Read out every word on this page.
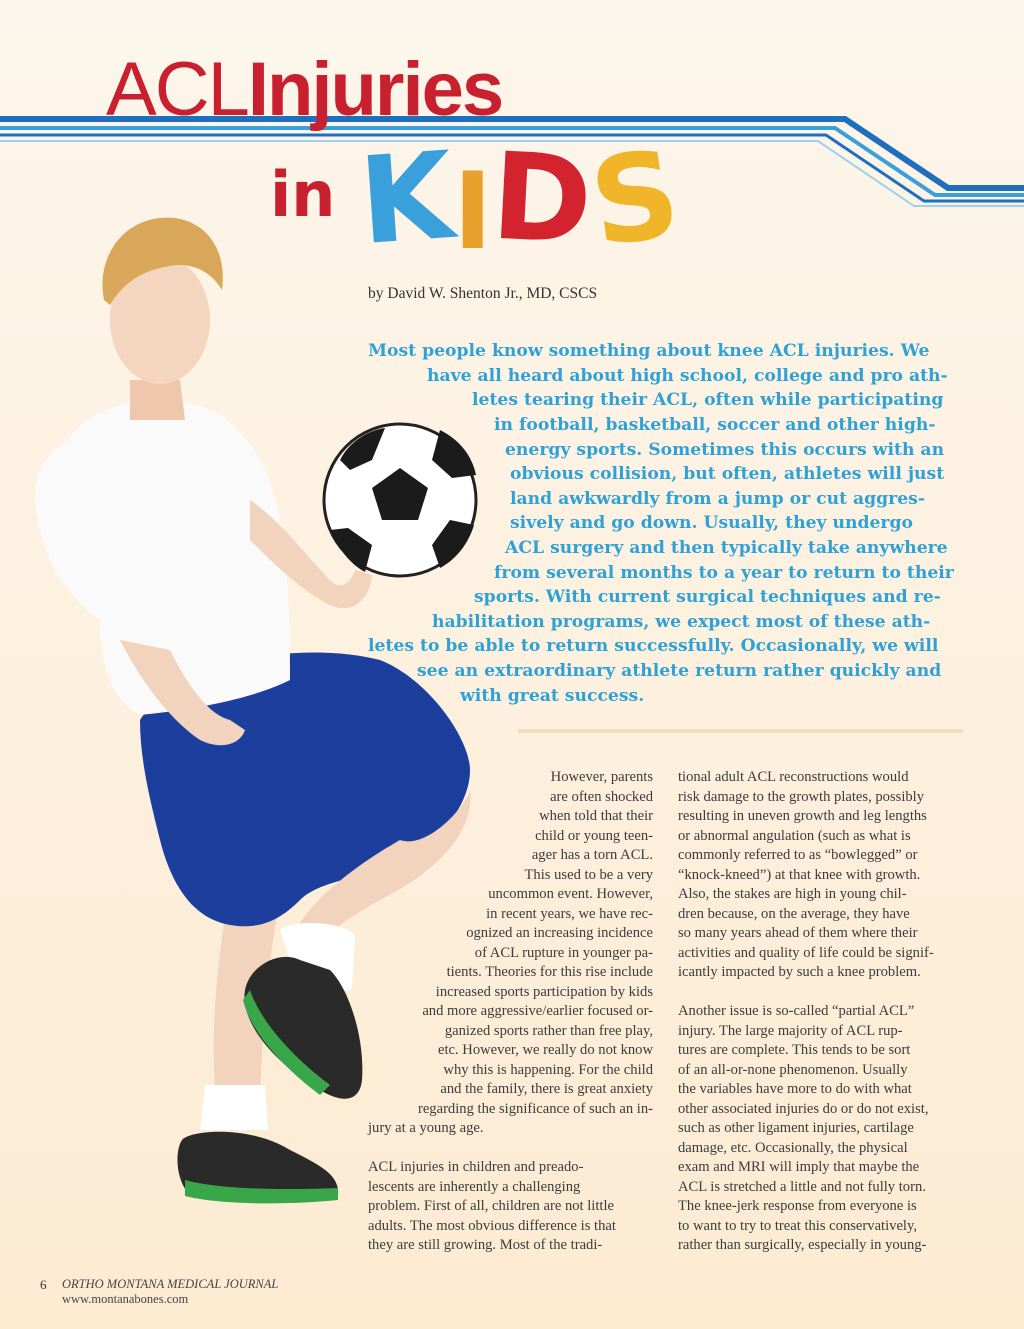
ACLInjuries
in KIDS

by David W. Shenton Jr., MD, CSCS

Most people know something about knee ACL injuries. We

have all heard about high school, college and pro ath-

letes tearing their ACL, often while participating

in football, basketball, soccer and other high-

energy sports. Sometimes this occurs with an

obvious collision, but often, athletes will just

land awkwardly from a jump or cut aggres-

sively and go down. Usually, they undergo

ACL surgery and then typically take anywhere

from several months to a year to return to their

sports. With current surgical techniques and re-

habilitation programs, we expect most of these ath-

letes to be able to return successfully. Occasionally, we will

see an extraordinary athlete return rather quickly and

with great success.

However, parents

are often shocked

when told that their

child or young teen-

ager has a torn ACL.

This used to be a very

uncommon event. However,

in recent years, we have rec-

ognized an increasing incidence

of ACL rupture in younger pa-

tients. Theories for this rise include

increased sports participation by kids

and more aggressive/earlier focused or-

ganized sports rather than free play,

etc. However, we really do not know

why this is happening. For the child

and the family, there is great anxiety

regarding the significance of such an in-

jury at a young age.

ACL injuries in children and preado-

lescents are inherently a challenging

problem. First of all, children are not little

adults. The most obvious difference is that

they are still growing. Most of the tradi-

tional adult ACL reconstructions would

risk damage to the growth plates, possibly

resulting in uneven growth and leg lengths

or abnormal angulation (such as what is

commonly referred to as “bowlegged” or

“knock-kneed”) at that knee with growth.

Also, the stakes are high in young chil-

dren because, on the average, they have

so many years ahead of them where their

activities and quality of life could be signif-

icantly impacted by such a knee problem.

Another issue is so-called “partial ACL”

injury. The large majority of ACL rup-

tures are complete. This tends to be sort

of an all-or-none phenomenon. Usually

the variables have more to do with what

other associated injuries do or do not exist,

such as other ligament injuries, cartilage

damage, etc. Occasionally, the physical

exam and MRI will imply that maybe the

ACL is stretched a little and not fully torn.

The knee-jerk response from everyone is

to want to try to treat this conservatively,

rather than surgically, especially in young-

6 ORTHO MONTANA MEDICAL JOURNAL
www.montanabones.com
